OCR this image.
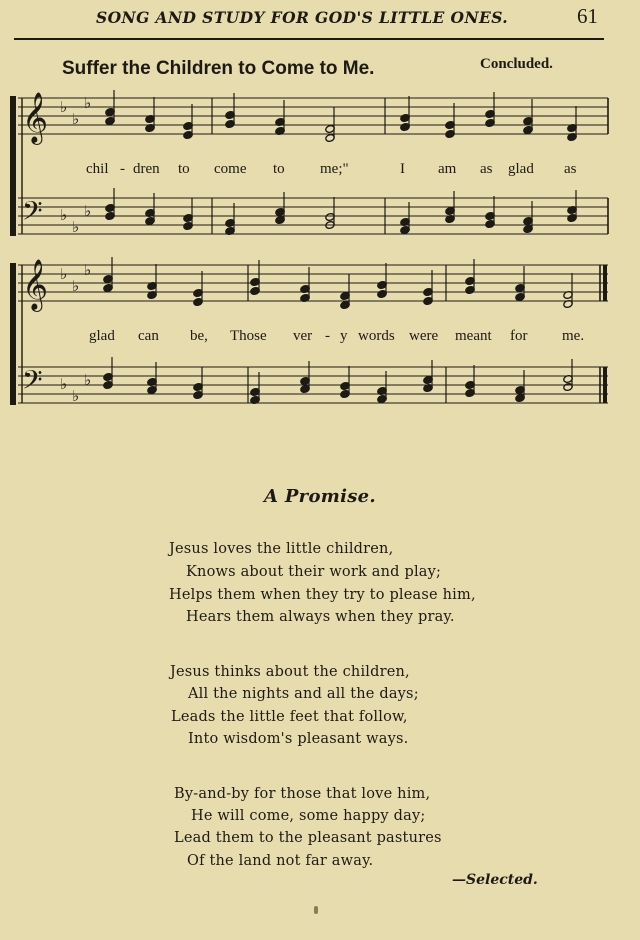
SONG AND STUDY FOR GOD'S LITTLE ONES.	61
Suffer the Children to Come to Me.	Concluded.
𝄞
𝄢
♭
♭
♭
♭
♭
♭
𝄞
𝄢
♭
♭
♭
♭
♭
♭
chil - dren to come to me;"	I am as glad as
glad can be, Those ver - y words were meant for me.
A Promise.
Jesus loves the little children,
Knows about their work and play;
Helps them when they try to please him,
Hears them always when they pray.
Jesus thinks about the children,
All the nights and all the days;
Leads the little feet that follow,
Into wisdom's pleasant ways.
By-and-by for those that love him,
He will come, some happy day;
Lead them to the pleasant pastures
Of the land not far away.
—Selected.
